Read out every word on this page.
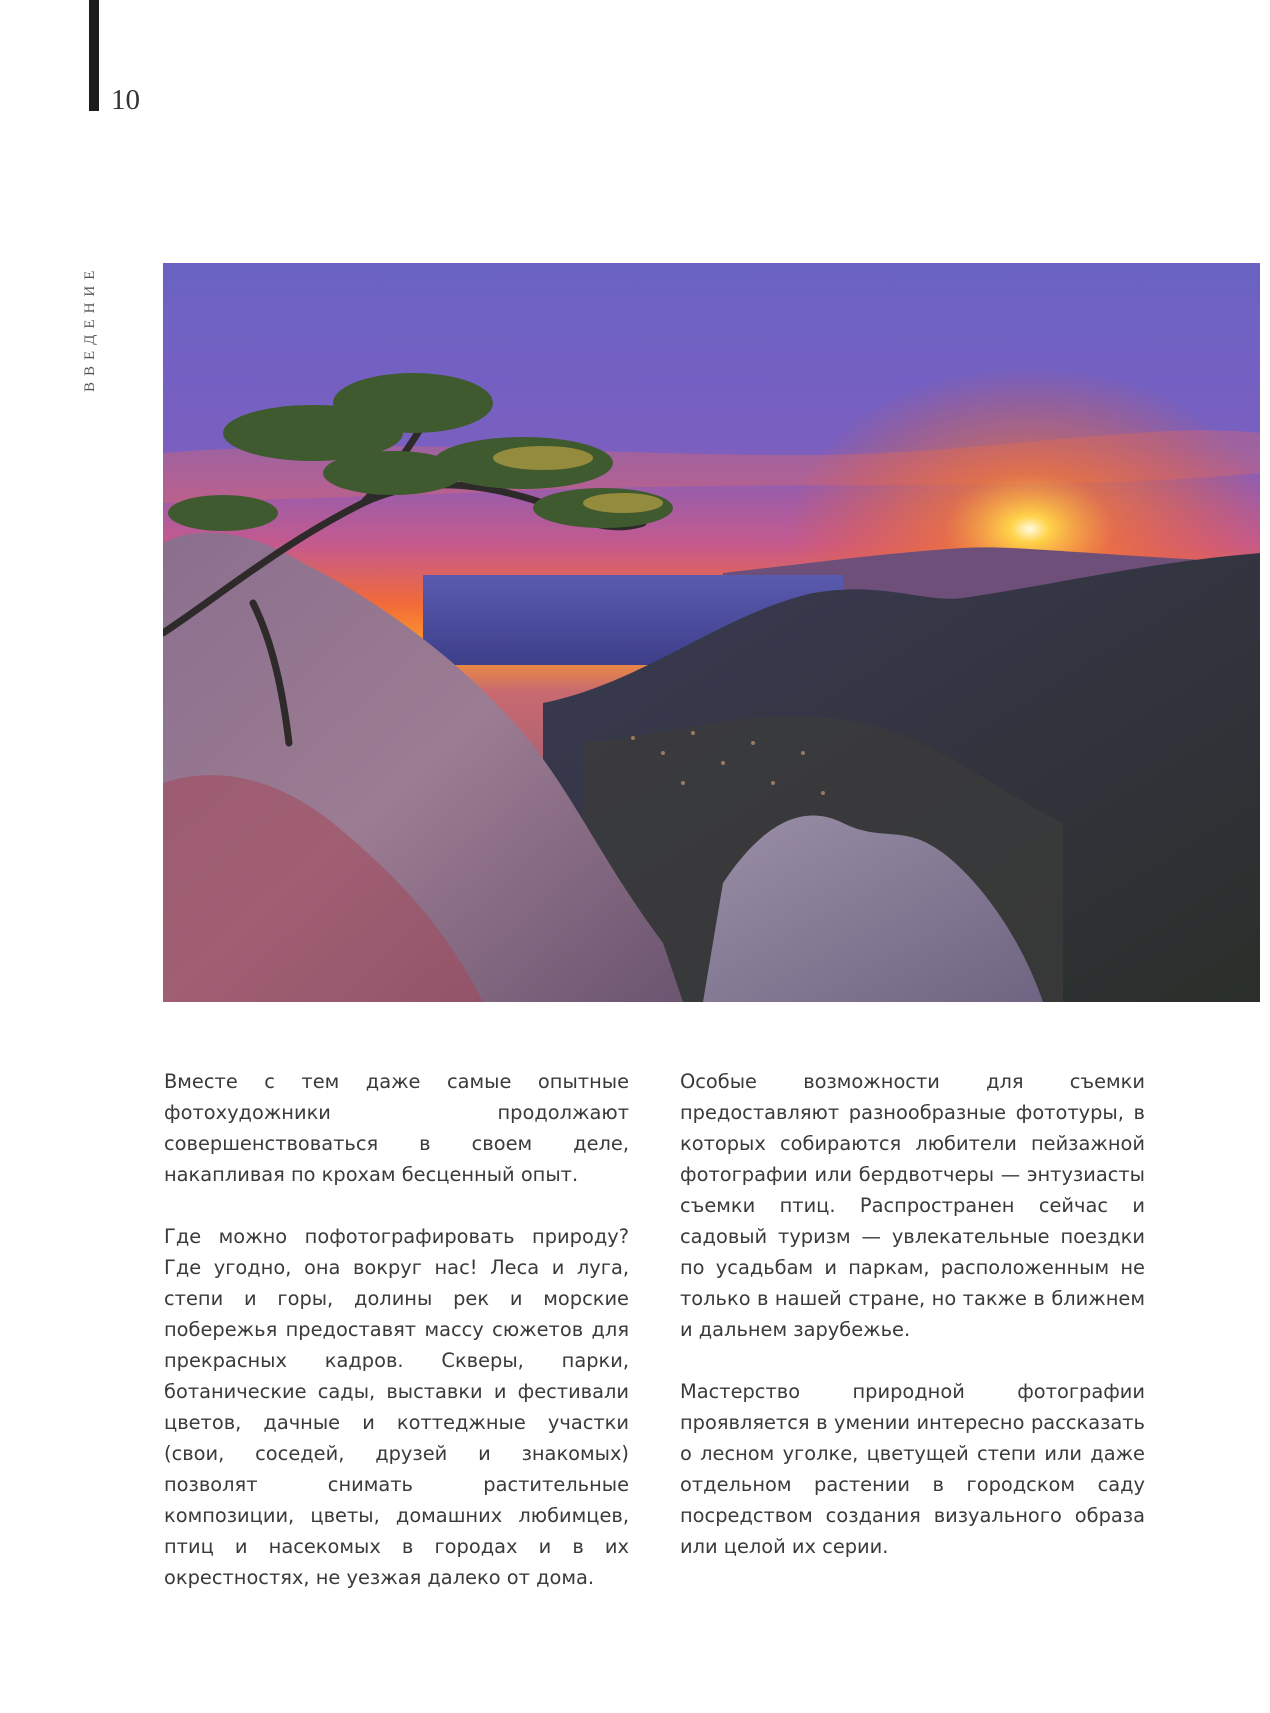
10
ВВЕДЕНИЕ

Вместе с тем даже самые опытные фотохудожники продолжают совершенствоваться в своем деле, накапливая по крохам бесценный опыт.

Где можно пофотографировать природу? Где угодно, она вокруг нас! Леса и луга, степи и горы, долины рек и морские побережья предоставят массу сюжетов для прекрасных кадров. Скверы, парки, ботанические сады, выставки и фестивали цветов, дачные и коттеджные участки (свои, соседей, друзей и знакомых) позволят снимать растительные композиции, цветы, домашних любимцев, птиц и насекомых в городах и в их окрестностях, не уезжая далеко от дома.

Особые возможности для съемки предоставляют разнообразные фототуры, в которых собираются любители пейзажной фотографии или бердвотчеры — энтузиасты съемки птиц. Распространен сейчас и садовый туризм — увлекательные поездки по усадьбам и паркам, расположенным не только в нашей стране, но также в ближнем и дальнем зарубежье.

Мастерство природной фотографии проявляется в умении интересно рассказать о лесном уголке, цветущей степи или даже отдельном растении в городском саду посредством создания визуального образа или целой их серии.
